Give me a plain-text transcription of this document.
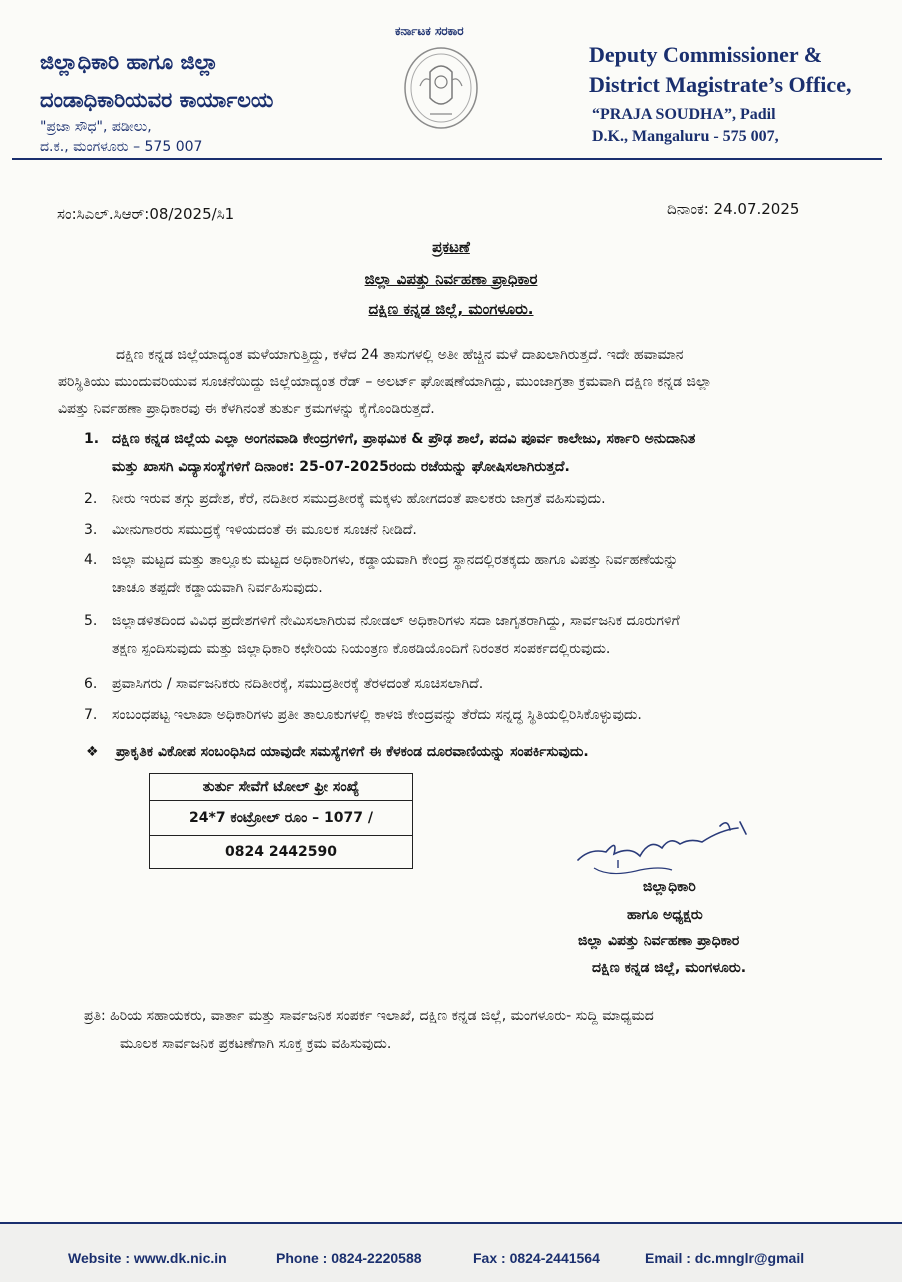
ಜಿಲ್ಲಾಧಿಕಾರಿ ಹಾಗೂ ಜಿಲ್ಲಾ
ದಂಡಾಧಿಕಾರಿಯವರ ಕಾರ್ಯಾಲಯ
"ಪ್ರಜಾ ಸೌಧ", ಪಡೀಲು,
ದ.ಕ., ಮಂಗಳೂರು – 575 007
ಕರ್ನಾಟಕ ಸರಕಾರ
Deputy Commissioner &
District Magistrate’s Office,
“PRAJA SOUDHA”, Padil
D.K., Mangaluru - 575 007,
ಸಂ:ಸಿಎಲ್.ಸಿಆರ್:08/2025/ಸಿ1	ದಿನಾಂಕ: 24.07.2025
ಪ್ರಕಟಣೆ
ಜಿಲ್ಲಾ ವಿಪತ್ತು ನಿರ್ವಹಣಾ ಪ್ರಾಧಿಕಾರ
ದಕ್ಷಿಣ ಕನ್ನಡ ಜಿಲ್ಲೆ, ಮಂಗಳೂರು.
ದಕ್ಷಿಣ ಕನ್ನಡ ಜಿಲ್ಲೆಯಾದ್ಯಂತ ಮಳೆಯಾಗುತ್ತಿದ್ದು, ಕಳೆದ 24 ತಾಸುಗಳಲ್ಲಿ ಅತೀ ಹೆಚ್ಚಿನ ಮಳೆ ದಾಖಲಾಗಿರುತ್ತದೆ. ಇದೇ ಹವಾಮಾನ
ಪರಿಸ್ಥಿತಿಯು ಮುಂದುವರಿಯುವ ಸೂಚನೆಯಿದ್ದು ಜಿಲ್ಲೆಯಾದ್ಯಂತ ರೆಡ್ – ಅಲರ್ಟ್ ಘೋಷಣೆಯಾಗಿದ್ದು, ಮುಂಜಾಗ್ರತಾ ಕ್ರಮವಾಗಿ ದಕ್ಷಿಣ ಕನ್ನಡ ಜಿಲ್ಲಾ
ವಿಪತ್ತು ನಿರ್ವಹಣಾ ಪ್ರಾಧಿಕಾರವು ಈ ಕೆಳಗಿನಂತೆ ತುರ್ತು ಕ್ರಮಗಳನ್ನು ಕೈಗೊಂಡಿರುತ್ತದೆ.
1. ದಕ್ಷಿಣ ಕನ್ನಡ ಜಿಲ್ಲೆಯ ಎಲ್ಲಾ ಅಂಗನವಾಡಿ ಕೇಂದ್ರಗಳಿಗೆ, ಪ್ರಾಥಮಿಕ & ಪ್ರೌಢ ಶಾಲೆ, ಪದವಿ ಪೂರ್ವ ಕಾಲೇಜು, ಸರ್ಕಾರಿ ಅನುದಾನಿತ
ಮತ್ತು ಖಾಸಗಿ ವಿದ್ಯಾಸಂಸ್ಥೆಗಳಿಗೆ ದಿನಾಂಕ: 25-07-2025ರಂದು ರಜೆಯನ್ನು ಘೋಷಿಸಲಾಗಿರುತ್ತದೆ.
2. ನೀರು ಇರುವ ತಗ್ಗು ಪ್ರದೇಶ, ಕೆರೆ, ನದಿತೀರ ಸಮುದ್ರತೀರಕ್ಕೆ ಮಕ್ಕಳು ಹೋಗದಂತೆ ಪಾಲಕರು ಜಾಗ್ರತೆ ವಹಿಸುವುದು.
3. ಮೀನುಗಾರರು ಸಮುದ್ರಕ್ಕೆ ಇಳಿಯದಂತೆ ಈ ಮೂಲಕ ಸೂಚನೆ ನೀಡಿದೆ.
4. ಜಿಲ್ಲಾ ಮಟ್ಟದ ಮತ್ತು ತಾಲ್ಲೂಕು ಮಟ್ಟದ ಅಧಿಕಾರಿಗಳು, ಕಡ್ಡಾಯವಾಗಿ ಕೇಂದ್ರ ಸ್ಥಾನದಲ್ಲಿರತಕ್ಕದು ಹಾಗೂ ವಿಪತ್ತು ನಿರ್ವಹಣೆಯನ್ನು
ಚಾಚೂ ತಪ್ಪದೇ ಕಡ್ಡಾಯವಾಗಿ ನಿರ್ವಹಿಸುವುದು.
5. ಜಿಲ್ಲಾಡಳಿತದಿಂದ ವಿವಿಧ ಪ್ರದೇಶಗಳಿಗೆ ನೇಮಿಸಲಾಗಿರುವ ನೋಡಲ್ ಅಧಿಕಾರಿಗಳು ಸದಾ ಜಾಗೃತರಾಗಿದ್ದು, ಸಾರ್ವಜನಿಕ ದೂರುಗಳಿಗೆ
ತಕ್ಷಣ ಸ್ಪಂದಿಸುವುದು ಮತ್ತು ಜಿಲ್ಲಾಧಿಕಾರಿ ಕಛೇರಿಯ ನಿಯಂತ್ರಣ ಕೊಠಡಿಯೊಂದಿಗೆ ನಿರಂತರ ಸಂಪರ್ಕದಲ್ಲಿರುವುದು.
6. ಪ್ರವಾಸಿಗರು / ಸಾರ್ವಜನಿಕರು ನದಿತೀರಕ್ಕೆ, ಸಮುದ್ರತೀರಕ್ಕೆ ತೆರಳದಂತೆ ಸೂಚಿಸಲಾಗಿದೆ.
7. ಸಂಬಂಧಪಟ್ಟ ಇಲಾಖಾ ಅಧಿಕಾರಿಗಳು ಪ್ರತೀ ತಾಲೂಕುಗಳಲ್ಲಿ ಕಾಳಜಿ ಕೇಂದ್ರವನ್ನು ತೆರೆದು ಸನ್ನದ್ಧ ಸ್ಥಿತಿಯಲ್ಲಿರಿಸಿಕೊಳ್ಳುವುದು.
❖ ಪ್ರಾಕೃತಿಕ ವಿಕೋಪ ಸಂಬಂಧಿಸಿದ ಯಾವುದೇ ಸಮಸ್ಯೆಗಳಿಗೆ ಈ ಕೆಳಕಂಡ ದೂರವಾಣಿಯನ್ನು ಸಂಪರ್ಕಿಸುವುದು.
ತುರ್ತು ಸೇವೆಗೆ ಟೋಲ್ ಫ್ರೀ ಸಂಖ್ಯೆ
24*7 ಕಂಟ್ರೋಲ್ ರೂಂ – 1077 /
0824 2442590
ಜಿಲ್ಲಾಧಿಕಾರಿ
ಹಾಗೂ ಅಧ್ಯಕ್ಷರು
ಜಿಲ್ಲಾ ವಿಪತ್ತು ನಿರ್ವಹಣಾ ಪ್ರಾಧಿಕಾರ
ದಕ್ಷಿಣ ಕನ್ನಡ ಜಿಲ್ಲೆ, ಮಂಗಳೂರು.
ಪ್ರತಿ: ಹಿರಿಯ ಸಹಾಯಕರು, ವಾರ್ತಾ ಮತ್ತು ಸಾರ್ವಜನಿಕ ಸಂಪರ್ಕ ಇಲಾಖೆ, ದಕ್ಷಿಣ ಕನ್ನಡ ಜಿಲ್ಲೆ, ಮಂಗಳೂರು- ಸುದ್ದಿ ಮಾಧ್ಯಮದ
ಮೂಲಕ ಸಾರ್ವಜನಿಕ ಪ್ರಕಟಣೆಗಾಗಿ ಸೂಕ್ತ ಕ್ರಮ ವಹಿಸುವುದು.
Website : www.dk.nic.in	Phone : 0824-2220588	Fax : 0824-2441564	Email : dc.mnglr@gmail
